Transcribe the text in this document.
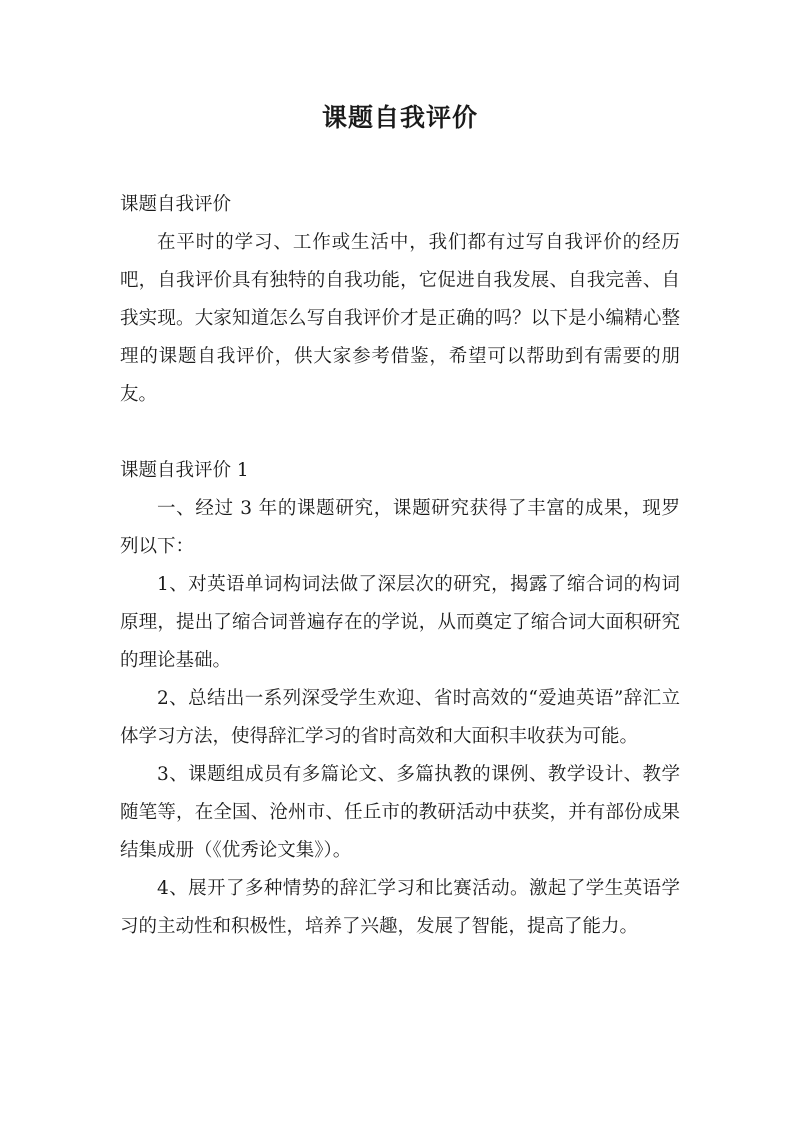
课题自我评价

课题自我评价

在平时的学习、工作或生活中，我们都有过写自我评价的经历吧，自我评价具有独特的自我功能，它促进自我发展、自我完善、自我实现。大家知道怎么写自我评价才是正确的吗？以下是小编精心整理的课题自我评价，供大家参考借鉴，希望可以帮助到有需要的朋友。

课题自我评价 1

一、经过 3 年的课题研究，课题研究获得了丰富的成果，现罗列以下：

1、对英语单词构词法做了深层次的研究，揭露了缩合词的构词原理，提出了缩合词普遍存在的学说，从而奠定了缩合词大面积研究的理论基础。

2、总结出一系列深受学生欢迎、省时高效的“爱迪英语”辞汇立体学习方法，使得辞汇学习的省时高效和大面积丰收获为可能。

3、课题组成员有多篇论文、多篇执教的课例、教学设计、教学随笔等，在全国、沧州市、任丘市的教研活动中获奖，并有部份成果结集成册（《优秀论文集》）。

4、展开了多种情势的辞汇学习和比赛活动。激起了学生英语学习的主动性和积极性，培养了兴趣，发展了智能，提高了能力。
